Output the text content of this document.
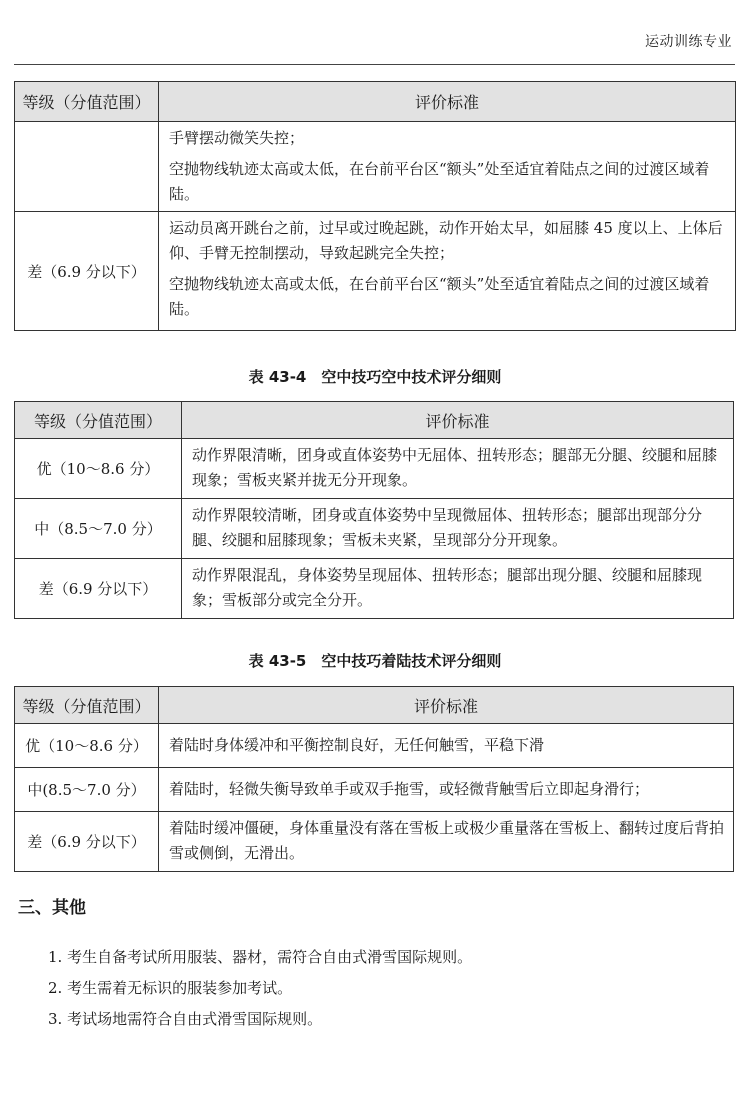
运动训练专业
等级（分值范围）	评价标准

	手臂摆动微笑失控；

空抛物线轨迹太高或太低，在台前平台区“额头”处至适宜着陆点之间的过渡区域着陆。

差（6.9 分以下）	运动员离开跳台之前，过早或过晚起跳，动作开始太早，如屈膝 45 度以上、上体后仰、手臂无控制摆动，导致起跳完全失控；

空抛物线轨迹太高或太低，在台前平台区“额头”处至适宜着陆点之间的过渡区域着陆。

表 43-4　空中技巧空中技术评分细则
等级（分值范围）	评价标准
优（10～8.6 分）	动作界限清晰，团身或直体姿势中无屈体、扭转形态；腿部无分腿、绞腿和屈膝现象；雪板夹紧并拢无分开现象。
中（8.5～7.0 分）	动作界限较清晰，团身或直体姿势中呈现微屈体、扭转形态；腿部出现部分分腿、绞腿和屈膝现象；雪板未夹紧，呈现部分分开现象。
差（6.9 分以下）	动作界限混乱，身体姿势呈现屈体、扭转形态；腿部出现分腿、绞腿和屈膝现象；雪板部分或完全分开。
表 43-5　空中技巧着陆技术评分细则
等级（分值范围）	评价标准
优（10～8.6 分）	着陆时身体缓冲和平衡控制良好，无任何触雪，平稳下滑
中(8.5～7.0 分）	着陆时，轻微失衡导致单手或双手拖雪，或轻微背触雪后立即起身滑行；
差（6.9 分以下）	着陆时缓冲僵硬，身体重量没有落在雪板上或极少重量落在雪板上、翻转过度后背拍雪或侧倒，无滑出。
三、其他
1. 考生自备考试所用服装、器材，需符合自由式滑雪国际规则。
2. 考生需着无标识的服装参加考试。
3. 考试场地需符合自由式滑雪国际规则。
